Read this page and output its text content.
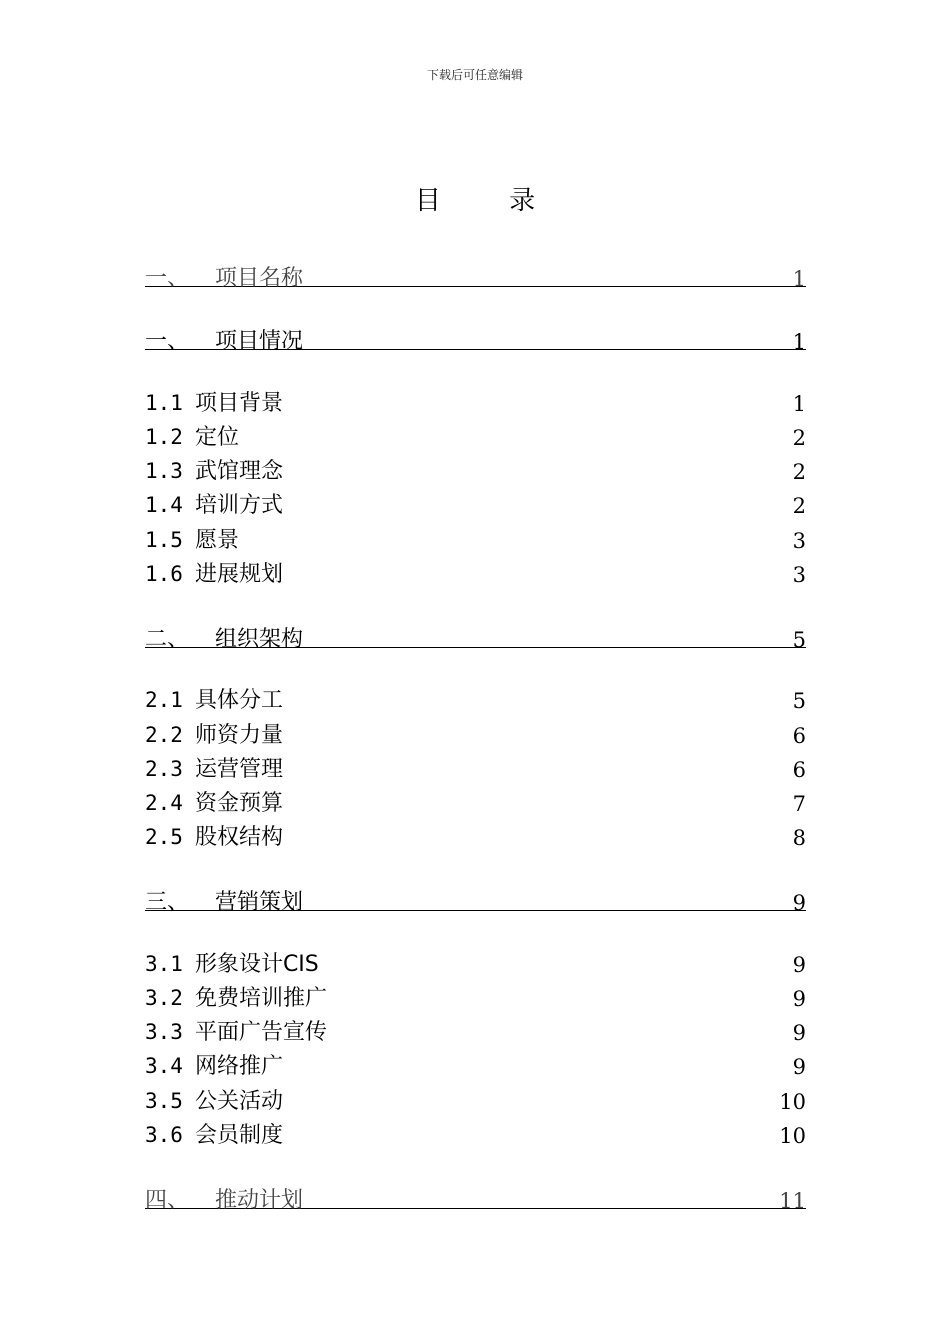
下载后可任意编辑
目 录
一、 项目名称	1
一、 项目情况	1
1.1 项目背景	1
1.2 定位	2
1.3 武馆理念	2
1.4 培训方式	2
1.5 愿景	3
1.6 进展规划	3
二、 组织架构	5
2.1 具体分工	5
2.2 师资力量	6
2.3 运营管理	6
2.4 资金预算	7
2.5 股权结构	8
三、 营销策划	9
3.1 形象设计CIS	9
3.2 免费培训推广	9
3.3 平面广告宣传	9
3.4 网络推广	9
3.5 公关活动	10
3.6 会员制度	10
四、 推动计划	11
